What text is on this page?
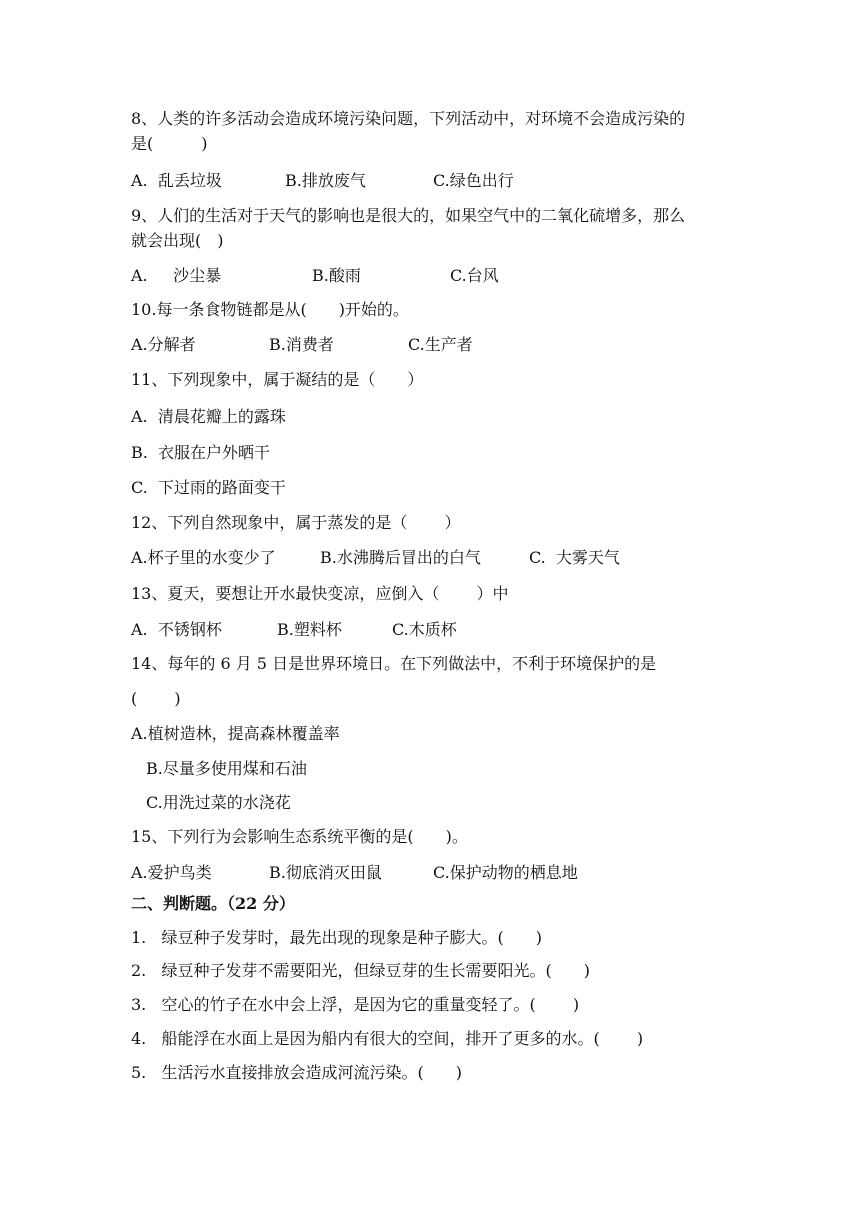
8、人类的许多活动会造成环境污染问题，下列活动中，对环境不会造成污染的
是(　　　)
A.  乱丢垃圾	B.排放废气	C.绿色出行
9、人们的生活对于天气的影响也是很大的，如果空气中的二氧化硫增多，那么
就会出现(　)
A.     沙尘暴	B.酸雨	C.台风
10.每一条食物链都是从(　　)开始的。
A.分解者	B.消费者	C.生产者
11、下列现象中，属于凝结的是（　　）
A.  清晨花瓣上的露珠
B.  衣服在户外晒干
C.  下过雨的路面变干
12、下列自然现象中，属于蒸发的是（　　 ）
A.杯子里的水变少了	B.水沸腾后冒出的白气	C.  大雾天气
13、夏天，要想让开水最快变凉，应倒入（　　 ）中
A.  不锈钢杯	B.塑料杯	C.木质杯
14、每年的 6 月 5 日是世界环境日。在下列做法中，不利于环境保护的是
(　　 )
A.植树造林，提高森林覆盖率
B.尽量多使用煤和石油
C.用洗过菜的水浇花
15、下列行为会影响生态系统平衡的是(　　)。
A.爱护鸟类	B.彻底消灭田鼠	C.保护动物的栖息地
二、判断题。（22 分）
1.   绿豆种子发芽时，最先出现的现象是种子膨大。(　　)
2.   绿豆种子发芽不需要阳光，但绿豆芽的生长需要阳光。(　　)
3.   空心的竹子在水中会上浮，是因为它的重量变轻了。(　　 )
4.   船能浮在水面上是因为船内有很大的空间，排开了更多的水。(　　 )
5.   生活污水直接排放会造成河流污染。(　　)
